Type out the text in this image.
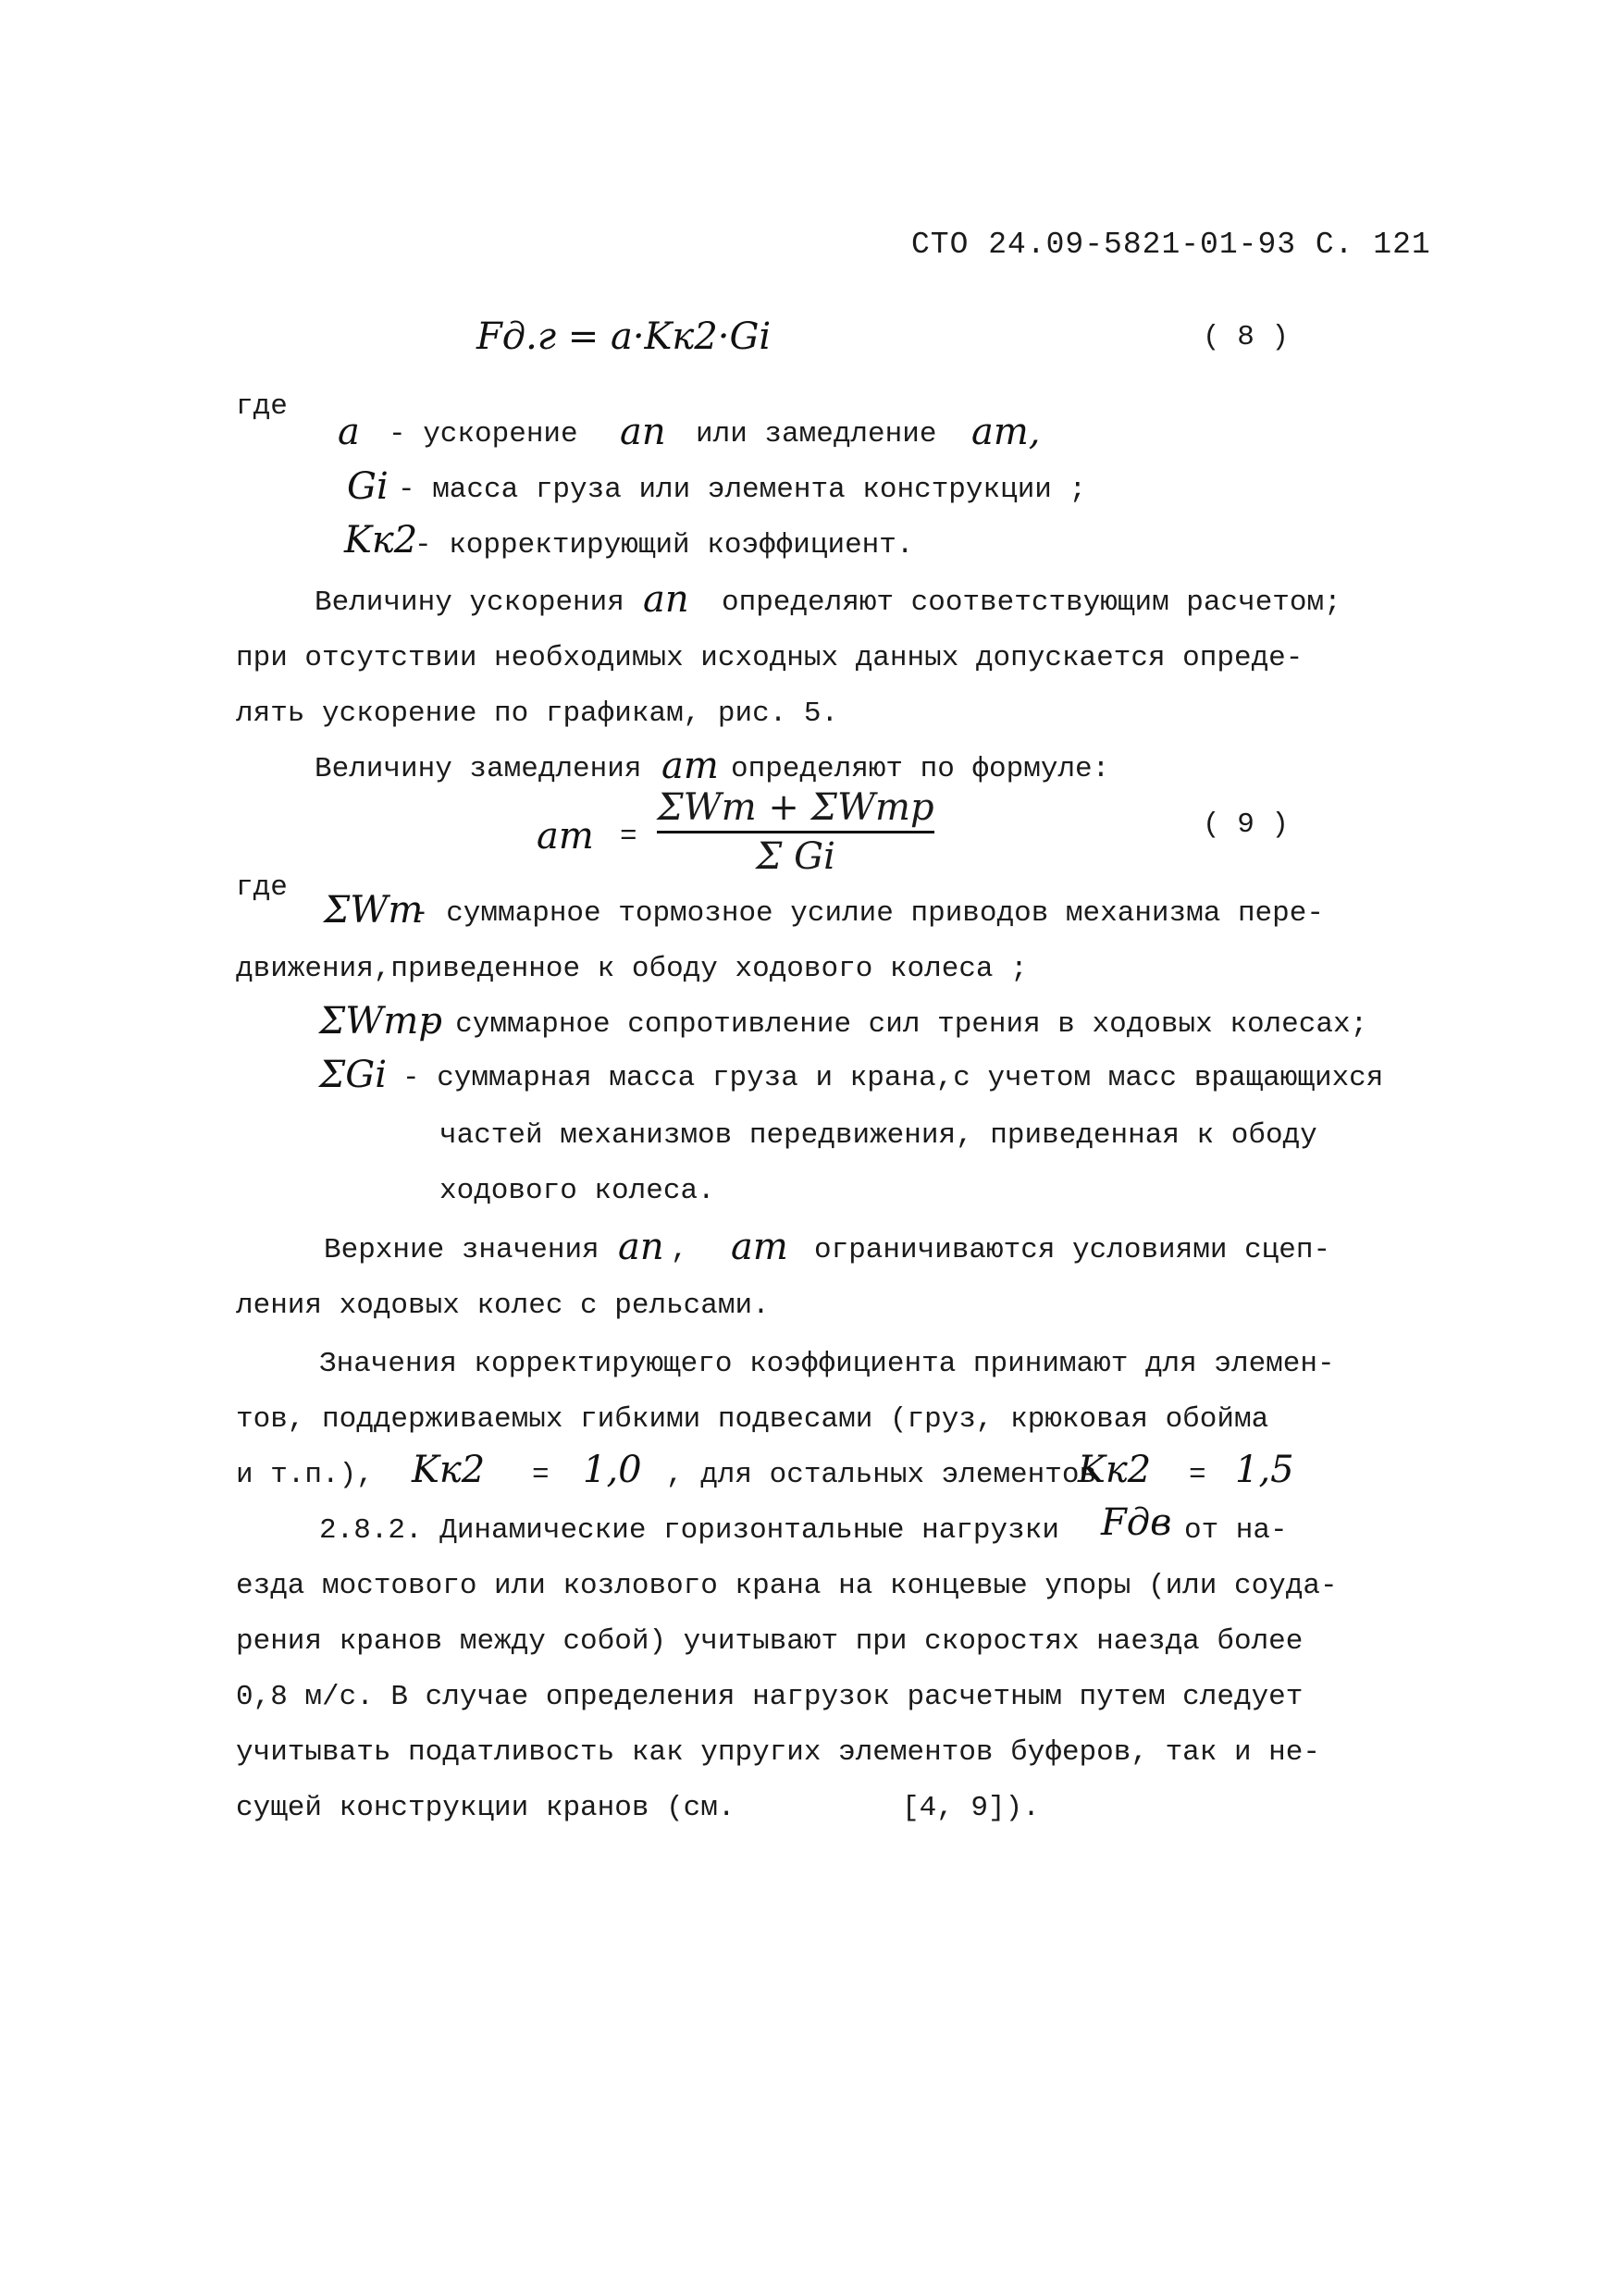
СТО 24.09-5821-01-93 С. 121
Fд.г = a·Kк2·Gi	( 8 )
где
a - ускорение aп или замедление aт,
Gi - масса груза или элемента конструкции ;
Kк2
- корректирующий коэффициент.
Величину ускорения aп определяют соответствующим расчетом;
при отсутствии необходимых исходных данных допускается опреде-
лять ускорение по графикам, рис. 5.
Величину замедления aт определяют по формуле:
aт =
ΣWт + ΣWтр
Σ Gi
( 9 )
где
ΣWт
- суммарное тормозное усилие приводов механизма пере-
движения,приведенное к ободу ходового колеса ;
ΣWтр
- суммарное сопротивление сил трения в ходовых колесах;
ΣGi - суммарная масса груза и крана,с учетом масс вращающихся
частей механизмов передвижения, приведенная к ободу
ходового колеса.
Верхние значения aп , aт ограничиваются условиями сцеп-
ления ходовых колес с рельсами.
Значения корректирующего коэффициента принимают для элемен-
тов, поддерживаемых гибкими подвесами (груз, крюковая обойма
и т.п.), Kк2 = 1,0 , для остальных элементов
Kк2 = 1,5
2.8.2. Динамические горизонтальные нагрузки Fдв от на-
езда мостового или козлового крана на концевые упоры (или соуда-
рения кранов между собой) учитывают при скоростях наезда более
0,8 м/с. В случае определения нагрузок расчетным путем следует
учитывать податливость как упругих элементов буферов, так и не-
сущей конструкции кранов (см.	[4, 9]).
